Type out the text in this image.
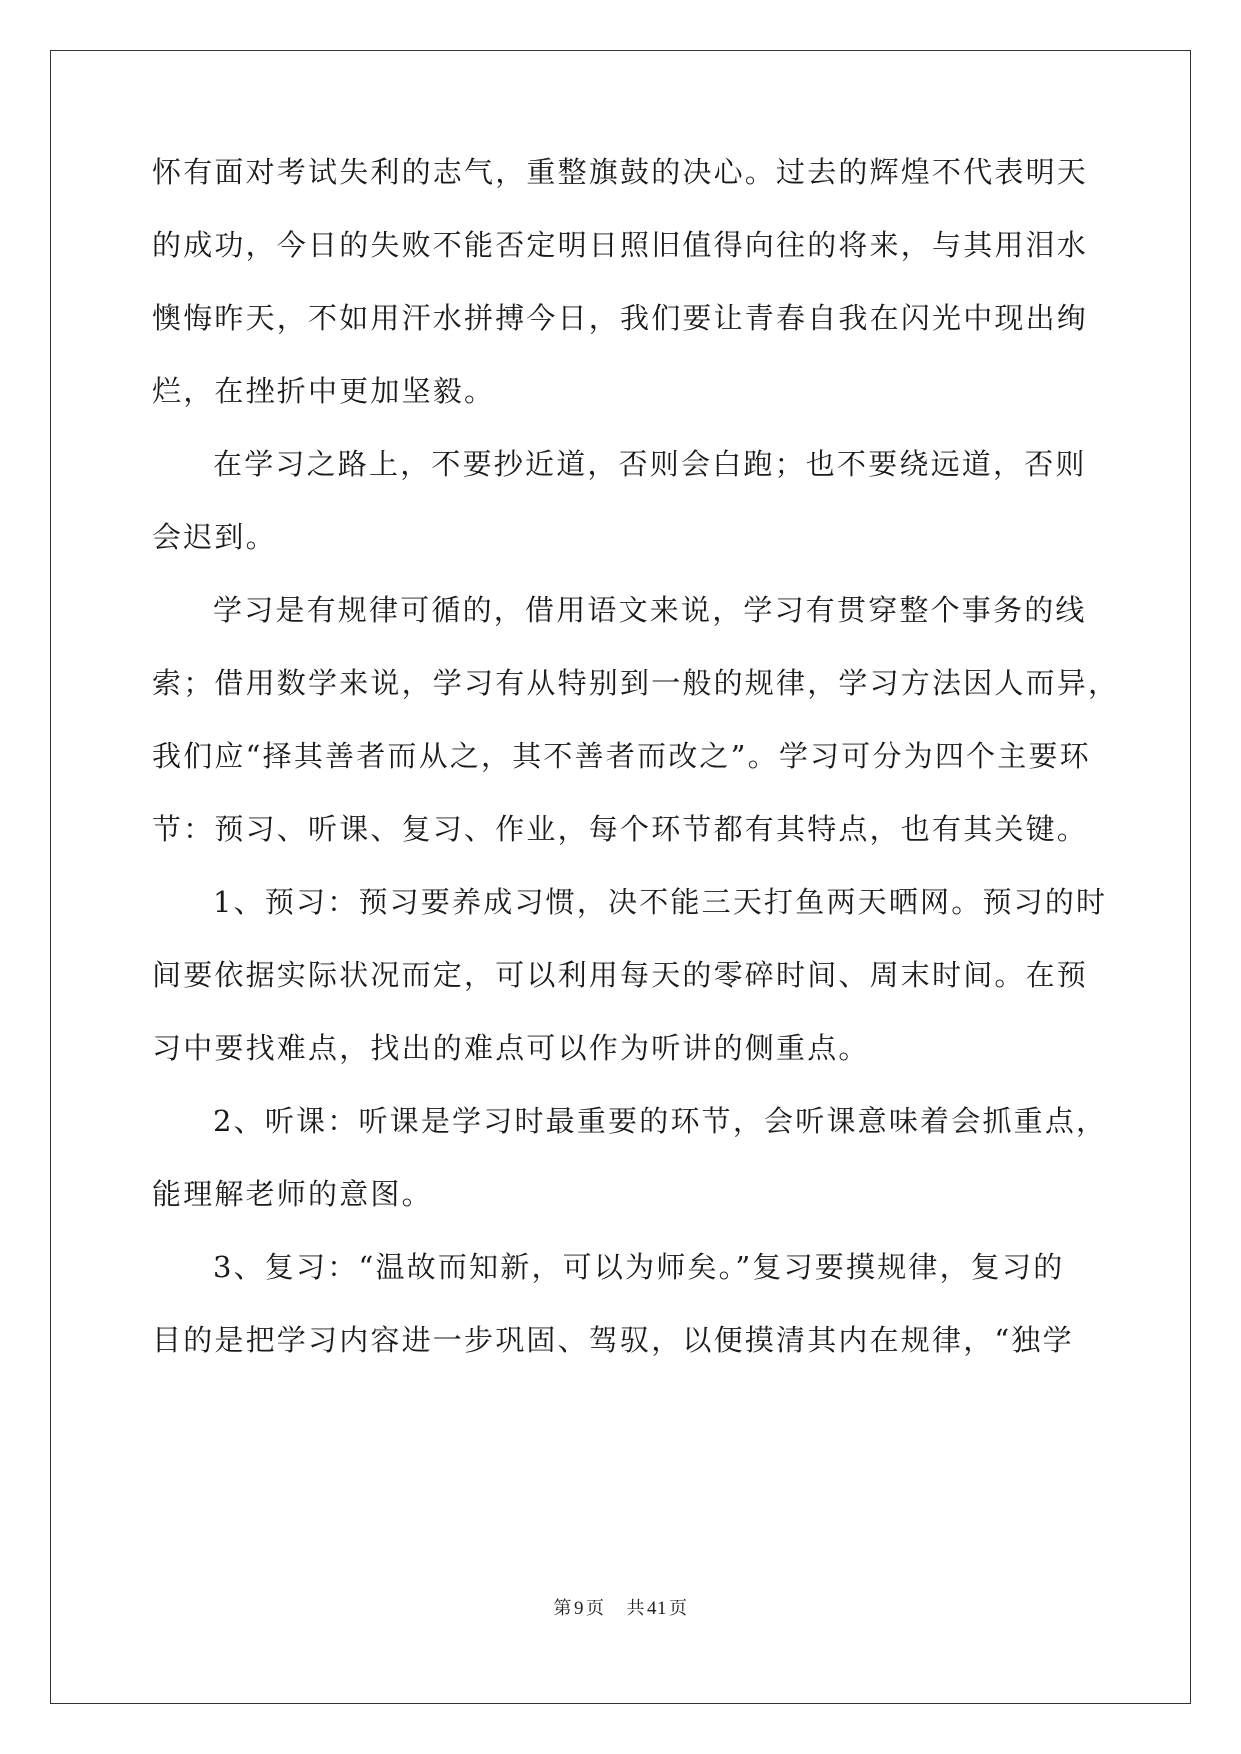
怀有面对考试失利的志气，重整旗鼓的决心。过去的辉煌不代表明天
的成功，今日的失败不能否定明日照旧值得向往的将来，与其用泪水
懊悔昨天，不如用汗水拼搏今日，我们要让青春自我在闪光中现出绚
烂，在挫折中更加坚毅。
在学习之路上，不要抄近道，否则会白跑；也不要绕远道，否则
会迟到。
学习是有规律可循的，借用语文来说，学习有贯穿整个事务的线
索；借用数学来说，学习有从特别到一般的规律，学习方法因人而异，
我们应“择其善者而从之，其不善者而改之”。学习可分为四个主要环
节：预习、听课、复习、作业，每个环节都有其特点，也有其关键。
1、预习：预习要养成习惯，决不能三天打鱼两天晒网。预习的时
间要依据实际状况而定，可以利用每天的零碎时间、周末时间。在预
习中要找难点，找出的难点可以作为听讲的侧重点。
2、听课：听课是学习时最重要的环节，会听课意味着会抓重点，
能理解老师的意图。
3、复习：“温故而知新，可以为师矣。”复习要摸规律，复习的
目的是把学习内容进一步巩固、驾驭，以便摸清其内在规律，“独学
第 9 页 共 41 页
